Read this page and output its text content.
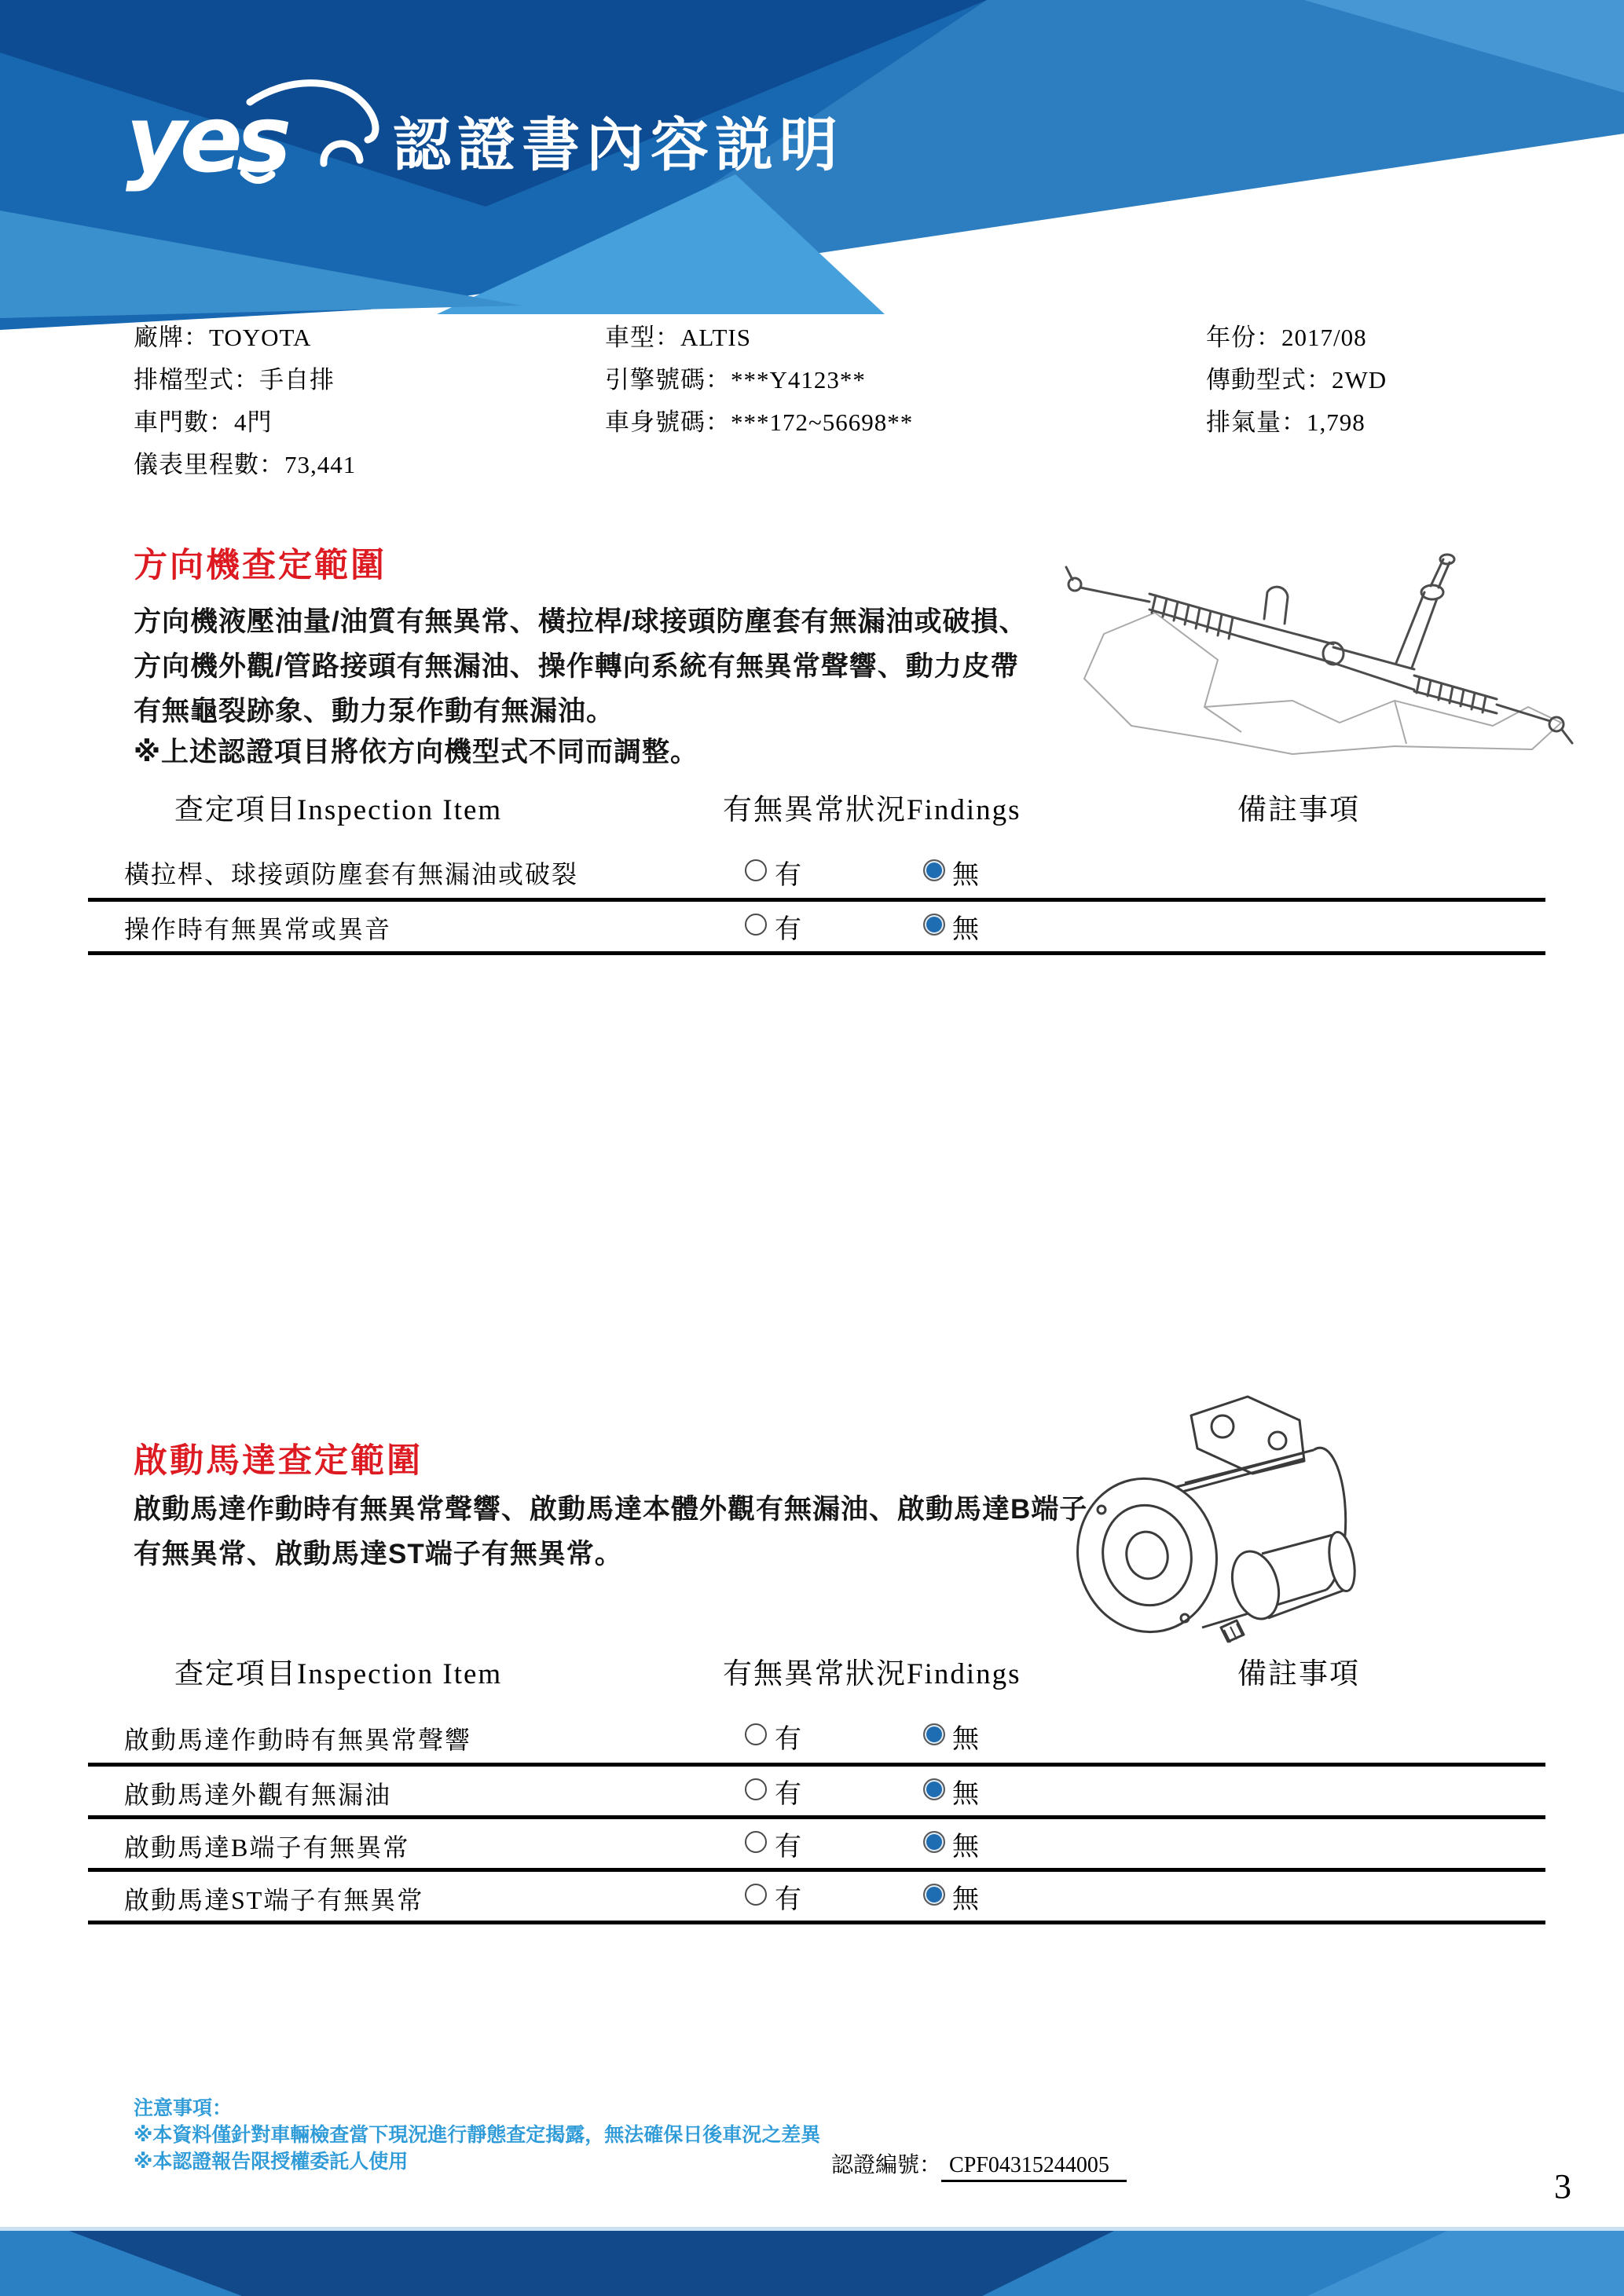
yes 認證書內容説明
廠牌：TOYOTA
排檔型式：手自排
車門數：4門
儀表里程數：73,441
車型：ALTIS
引擎號碼：***Y4123**
車身號碼：***172~56698**
年份：2017/08
傳動型式：2WD
排氣量：1,798
方向機查定範圍
方向機液壓油量/油質有無異常、橫拉桿/球接頭防塵套有無漏油或破損、
方向機外觀/管路接頭有無漏油、操作轉向系統有無異常聲響、動力皮帶
有無龜裂跡象、動力泵作動有無漏油。
※上述認證項目將依方向機型式不同而調整。
查定項目Inspection Item	有無異常狀況Findings	備註事項
橫拉桿、球接頭防塵套有無漏油或破裂	有	無
操作時有無異常或異音	有	無
啟動馬達查定範圍
啟動馬達作動時有無異常聲響、啟動馬達本體外觀有無漏油、啟動馬達B端子
有無異常、啟動馬達ST端子有無異常。
查定項目Inspection Item	有無異常狀況Findings	備註事項
啟動馬達作動時有無異常聲響	有	無
啟動馬達外觀有無漏油	有	無
啟動馬達B端子有無異常	有	無
啟動馬達ST端子有無異常	有	無
注意事項：
※本資料僅針對車輛檢查當下現況進行靜態查定揭露，無法確保日後車況之差異
※本認證報告限授權委託人使用	認證編號： CPF04315244005
3
